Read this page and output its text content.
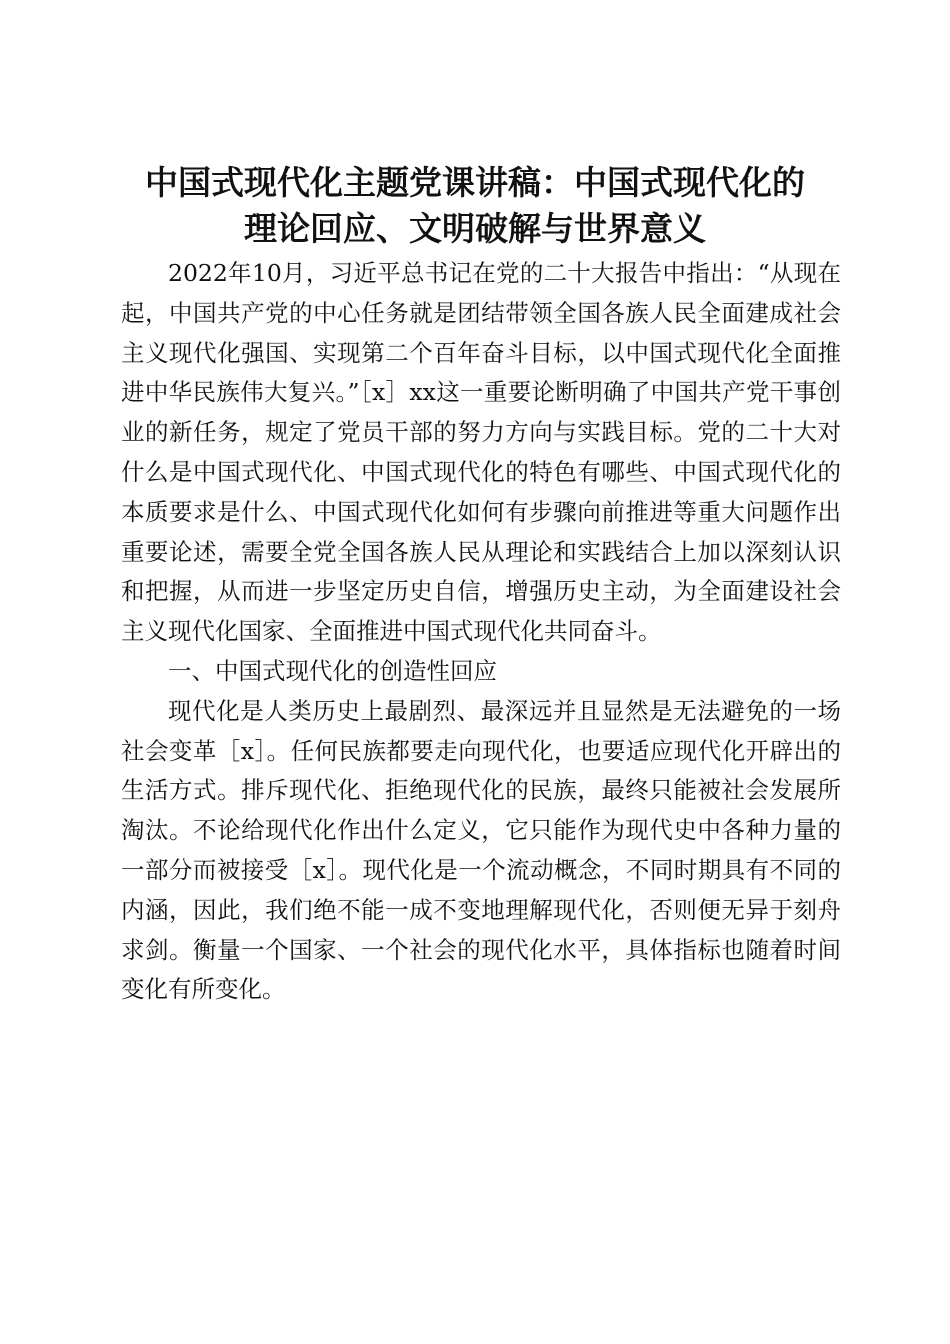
中国式现代化主题党课讲稿：中国式现代化的
理论回应、文明破解与世界意义

2022年10月，习近平总书记在党的二十大报告中指出：“从现在起，中国共产党的中心任务就是团结带领全国各族人民全面建成社会主义现代化强国、实现第二个百年奋斗目标，以中国式现代化全面推进中华民族伟大复兴。”［x］xx这一重要论断明确了中国共产党干事创业的新任务，规定了党员干部的努力方向与实践目标。党的二十大对什么是中国式现代化、中国式现代化的特色有哪些、中国式现代化的本质要求是什么、中国式现代化如何有步骤向前推进等重大问题作出重要论述，需要全党全国各族人民从理论和实践结合上加以深刻认识和把握，从而进一步坚定历史自信，增强历史主动，为全面建设社会主义现代化国家、全面推进中国式现代化共同奋斗。

一、中国式现代化的创造性回应

现代化是人类历史上最剧烈、最深远并且显然是无法避免的一场社会变革［x］。任何民族都要走向现代化，也要适应现代化开辟出的生活方式。排斥现代化、拒绝现代化的民族，最终只能被社会发展所淘汰。不论给现代化作出什么定义，它只能作为现代史中各种力量的一部分而被接受［x］。现代化是一个流动概念，不同时期具有不同的内涵，因此，我们绝不能一成不变地理解现代化，否则便无异于刻舟求剑。衡量一个国家、一个社会的现代化水平，具体指标也随着时间变化有所变化。
